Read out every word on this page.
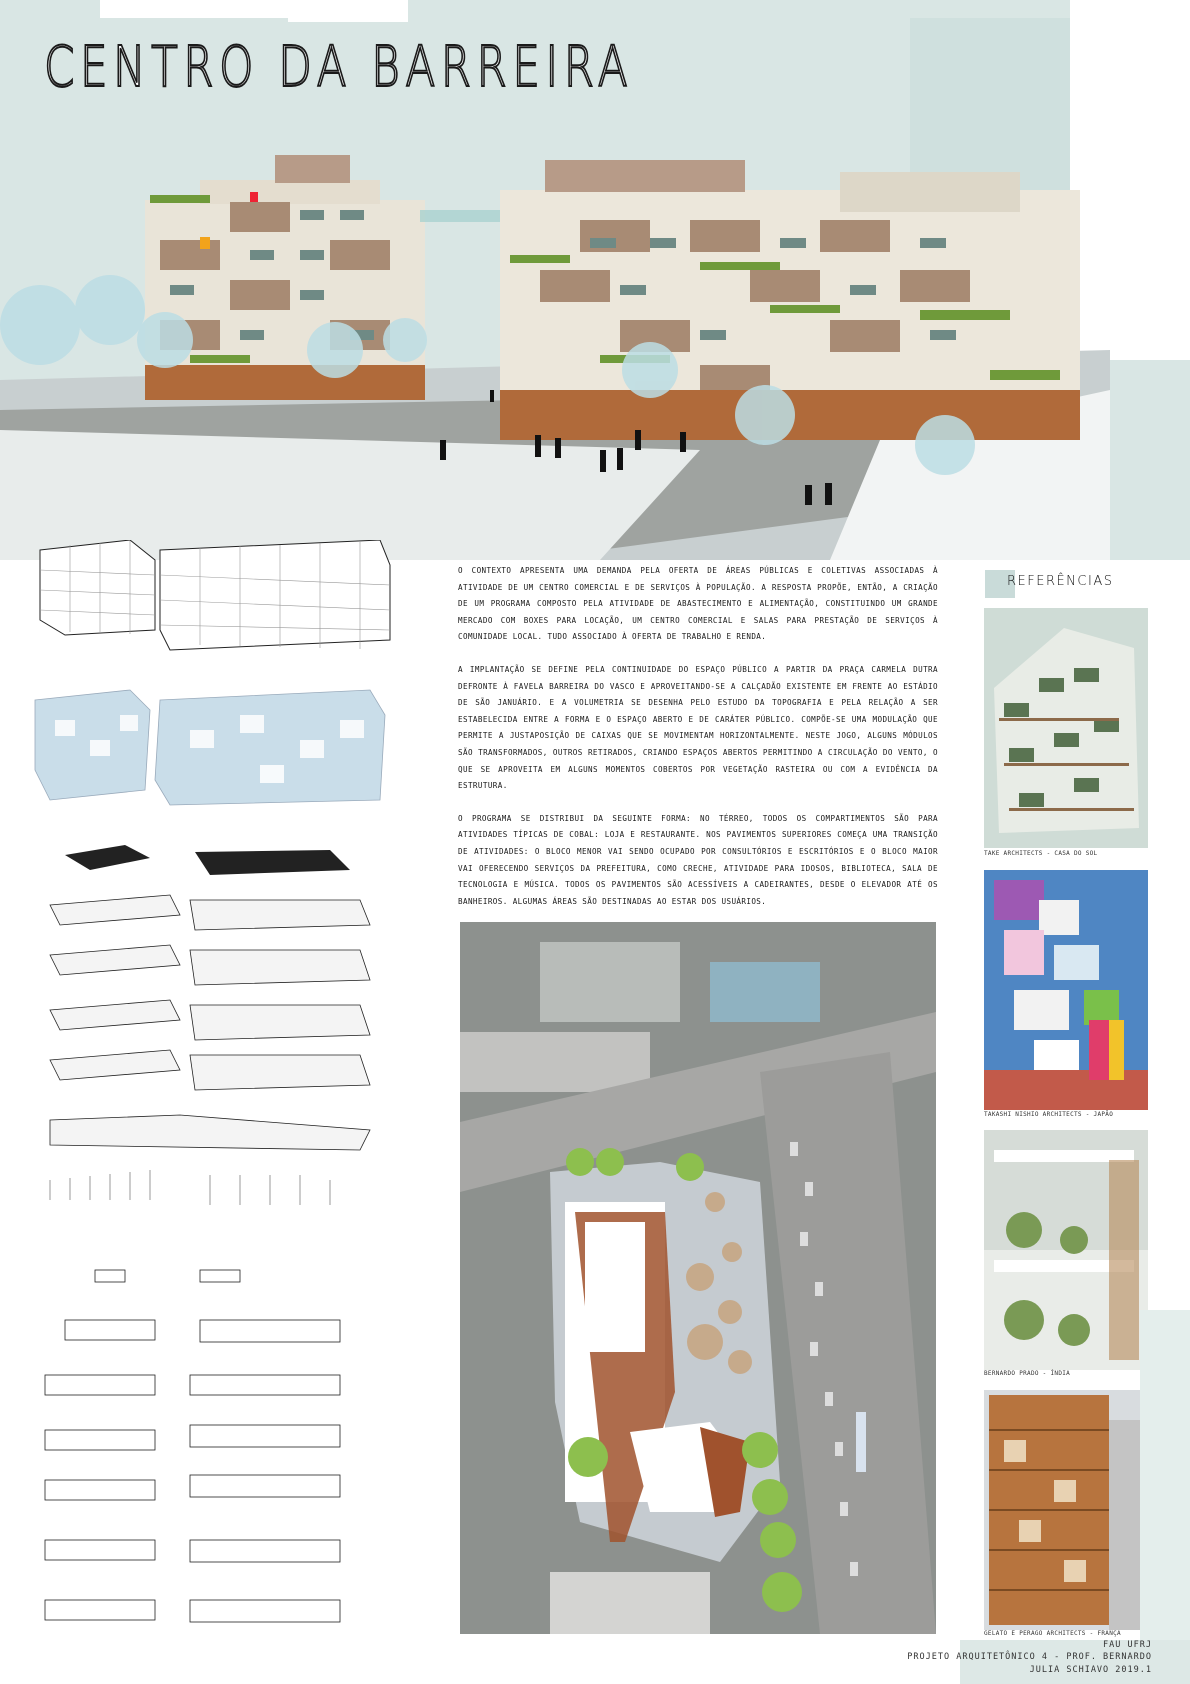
CENTRO DA BARREIRA

O CONTEXTO APRESENTA UMA DEMANDA PELA OFERTA DE ÁREAS PÚBLICAS E COLETIVAS ASSOCIADAS À ATIVIDADE DE UM CENTRO COMERCIAL E DE SERVIÇOS À POPULAÇÃO. A RESPOSTA PROPÕE, ENTÃO, A CRIAÇÃO DE UM PROGRAMA COMPOSTO PELA ATIVIDADE DE ABASTECIMENTO E ALIMENTAÇÃO, CONSTITUINDO UM GRANDE MERCADO COM BOXES PARA LOCAÇÃO, UM CENTRO COMERCIAL E SALAS PARA PRESTAÇÃO DE SERVIÇOS À COMUNIDADE LOCAL. TUDO ASSOCIADO À OFERTA DE TRABALHO E RENDA.

A IMPLANTAÇÃO SE DEFINE PELA CONTINUIDADE DO ESPAÇO PÚBLICO A PARTIR DA PRAÇA CARMELA DUTRA DEFRONTE À FAVELA BARREIRA DO VASCO E APROVEITANDO-SE A CALÇADÃO EXISTENTE EM FRENTE AO ESTÁDIO DE SÃO JANUÁRIO. E A VOLUMETRIA SE DESENHA PELO ESTUDO DA TOPOGRAFIA E PELA RELAÇÃO A SER ESTABELECIDA ENTRE A FORMA E O ESPAÇO ABERTO E DE CARÁTER PÚBLICO. COMPÕE-SE UMA MODULAÇÃO QUE PERMITE A JUSTAPOSIÇÃO DE CAIXAS QUE SE MOVIMENTAM HORIZONTALMENTE. NESTE JOGO, ALGUNS MÓDULOS SÃO TRANSFORMADOS, OUTROS RETIRADOS, CRIANDO ESPAÇOS ABERTOS PERMITINDO A CIRCULAÇÃO DO VENTO, O QUE SE APROVEITA EM ALGUNS MOMENTOS COBERTOS POR VEGETAÇÃO RASTEIRA OU COM A EVIDÊNCIA DA ESTRUTURA.

O PROGRAMA SE DISTRIBUI DA SEGUINTE FORMA: NO TÉRREO, TODOS OS COMPARTIMENTOS SÃO PARA ATIVIDADES TÍPICAS DE COBAL: LOJA E RESTAURANTE. NOS PAVIMENTOS SUPERIORES COMEÇA UMA TRANSIÇÃO DE ATIVIDADES: O BLOCO MENOR VAI SENDO OCUPADO POR CONSULTÓRIOS E ESCRITÓRIOS E O BLOCO MAIOR VAI OFERECENDO SERVIÇOS DA PREFEITURA, COMO CRECHE, ATIVIDADE PARA IDOSOS, BIBLIOTECA, SALA DE TECNOLOGIA E MÚSICA. TODOS OS PAVIMENTOS SÃO ACESSÍVEIS A CADEIRANTES, DESDE O ELEVADOR ATÉ OS BANHEIROS. ALGUMAS ÁREAS SÃO DESTINADAS AO ESTAR DOS USUÁRIOS.

REFERÊNCIAS
TAKE ARCHITECTS - CASA DO SOL
TAKASHI NISHIO ARCHITECTS - JAPÃO
BERNARDO PRADO - ÍNDIA
GELATO E PERAGO ARCHITECTS - FRANÇA
FAU UFRJ
PROJETO ARQUITETÔNICO 4 - PROF. BERNARDO
JULIA SCHIAVO 2019.1
